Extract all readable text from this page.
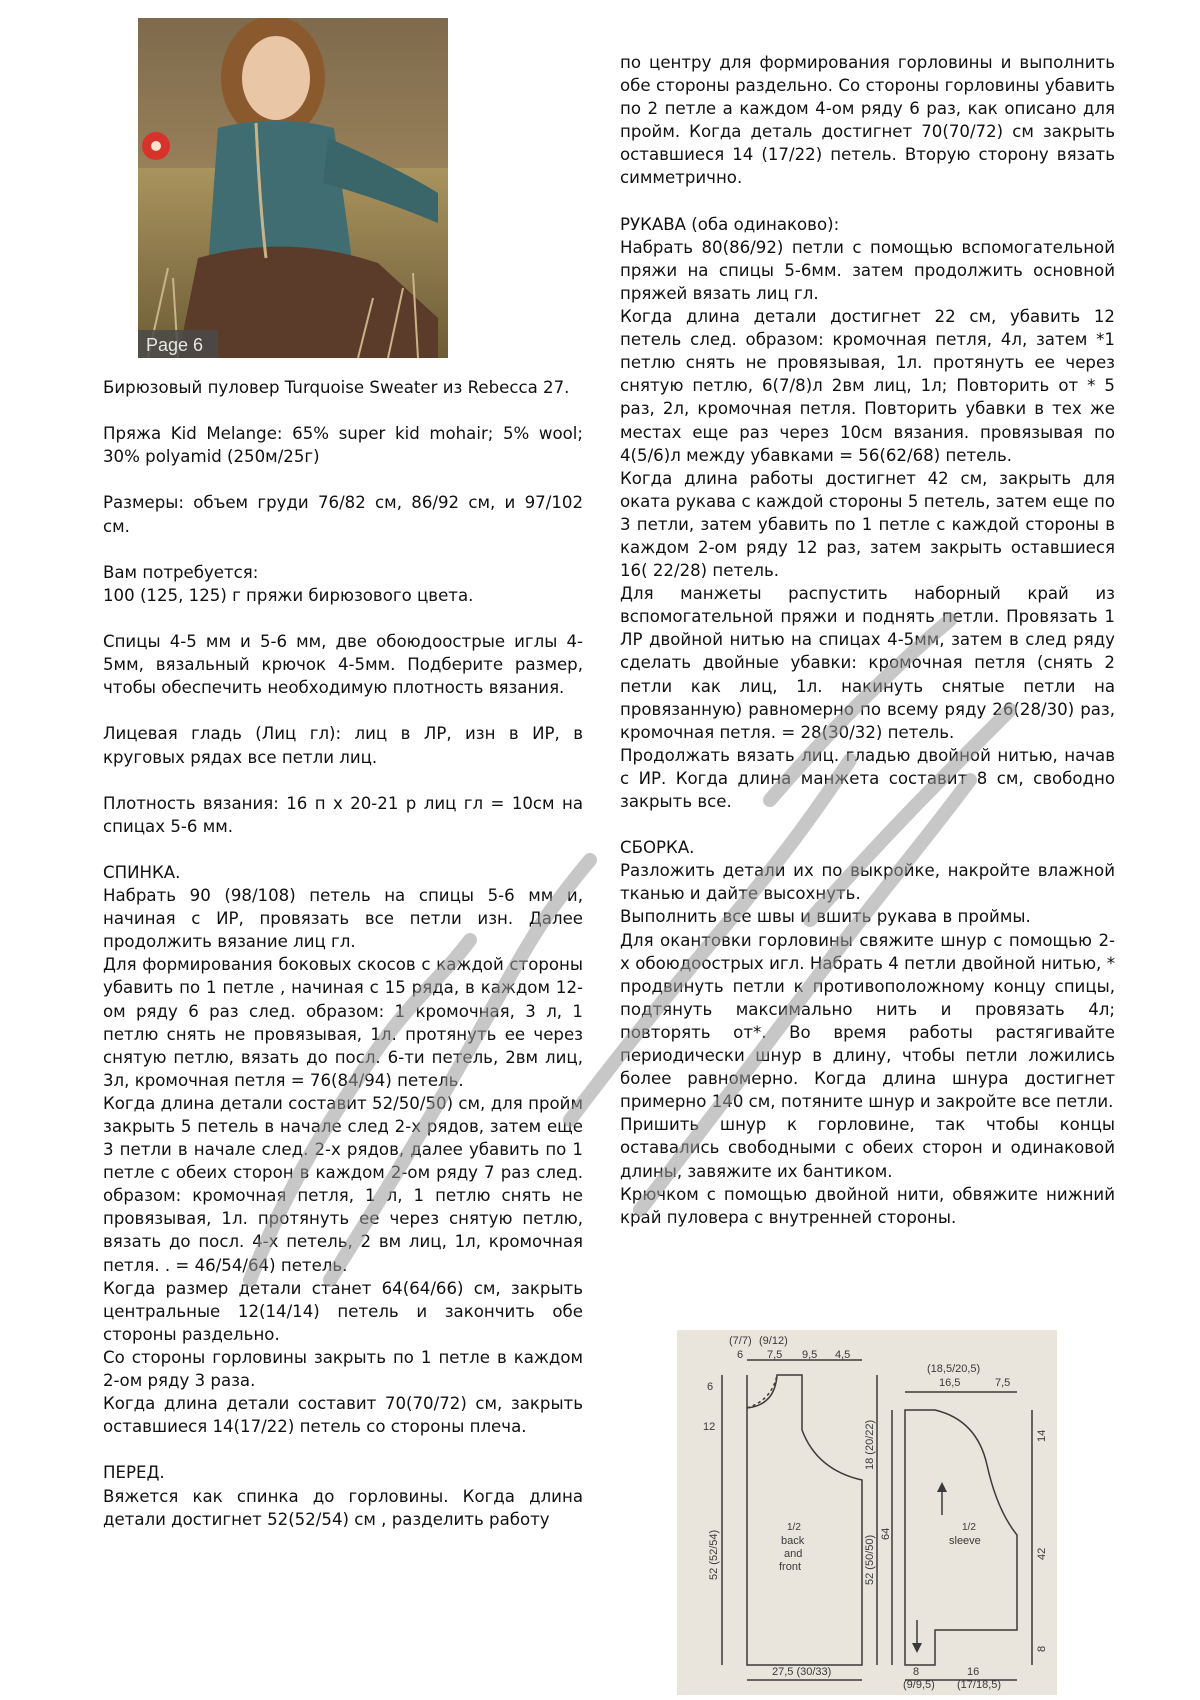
Page 6

Бирюзовый пуловер Turquoise Sweater из Rebecca 27.

Пряжа Kid Melange: 65% super kid mohair; 5% wool; 30% polyamid (250м/25г)

Размеры: объем груди 76/82 см, 86/92 см, и 97/102 см.

Вам потребуется:

100 (125, 125) г пряжи бирюзового цвета.

Спицы 4-5 мм и 5-6 мм, две обоюдоострые иглы 4-5мм, вязальный крючок 4-5мм. Подберите размер, чтобы обеспечить необходимую плотность вязания.

Лицевая гладь (Лиц гл): лиц в ЛР, изн в ИР, в круговых рядах все петли лиц.

Плотность вязания: 16 п х 20-21 р лиц гл = 10см на спицах 5-6 мм.

СПИНКА.

Набрать 90 (98/108) петель на спицы 5-6 мм и, начиная с ИР, провязать все петли изн. Далее продолжить вязание лиц гл.

Для формирования боковых скосов с каждой стороны убавить по 1 петле , начиная с 15 ряда, в каждом 12-ом ряду 6 раз след. образом: 1 кромочная, 3 л, 1 петлю снять не провязывая, 1л. протянуть ее через снятую петлю, вязать до посл. 6-ти петель, 2вм лиц, 3л, кромочная петля = 76(84/94) петель.

Когда длина детали составит 52/50/50) см, для пройм закрыть 5 петель в начале след 2-х рядов, затем еще 3 петли в начале след. 2-х рядов, далее убавить по 1 петле с обеих сторон в каждом 2-ом ряду 7 раз след. образом: кромочная петля, 1 л, 1 петлю снять не провязывая, 1л. протянуть ее через снятую петлю, вязать до посл. 4-х петель, 2 вм лиц, 1л, кромочная петля. . = 46/54/64) петель.

Когда размер детали станет 64(64/66) см, закрыть центральные 12(14/14) петель и закончить обе стороны раздельно.

Со стороны горловины закрыть по 1 петле в каждом 2-ом ряду 3 раза.

Когда длина детали составит 70(70/72) см, закрыть оставшиеся 14(17/22) петель со стороны плеча.

ПЕРЕД.

Вяжется как спинка до горловины. Когда длина детали достигнет 52(52/54) см , разделить работу

по центру для формирования горловины и выполнить обе стороны раздельно. Со стороны горловины убавить по 2 петле а каждом 4-ом ряду 6 раз, как описано для пройм. Когда деталь достигнет 70(70/72) см закрыть оставшиеся 14 (17/22) петель. Вторую сторону вязать симметрично.

РУКАВА (оба одинаково):

Набрать 80(86/92) петли с помощью вспомогательной пряжи на спицы 5-6мм. затем продолжить основной пряжей вязать лиц гл.

Когда длина детали достигнет 22 см, убавить 12 петель след. образом: кромочная петля, 4л, затем *1 петлю снять не провязывая, 1л. протянуть ее через снятую петлю, 6(7/8)л 2вм лиц, 1л; Повторить от * 5 раз, 2л, кромочная петля. Повторить убавки в тех же местах еще раз через 10см вязания. провязывая по 4(5/6)л между убавками = 56(62/68) петель.

Когда длина работы достигнет 42 см, закрыть для оката рукава с каждой стороны 5 петель, затем еще по 3 петли, затем убавить по 1 петле с каждой стороны в каждом 2-ом ряду 12 раз, затем закрыть оставшиеся 16( 22/28) петель.

Для манжеты распустить наборный край из вспомогательной пряжи и поднять петли. Провязать 1 ЛР двойной нитью на спицах 4-5мм, затем в след ряду сделать двойные убавки: кромочная петля (снять 2 петли как лиц, 1л. накинуть снятые петли на провязанную) равномерно по всему ряду 26(28/30) раз, кромочная петля. = 28(30/32) петель.

Продолжать вязать лиц. гладью двойной нитью, начав с ИР. Когда длина манжета составит 8 см, свободно закрыть все.

СБОРКА.

Разложить детали их по выкройке, накройте влажной тканью и дайте высохнуть.

Выполнить все швы и вшить рукава в проймы.

Для окантовки горловины свяжите шнур с помощью 2-х обоюдоострых игл. Набрать 4 петли двойной нитью, * продвинуть петли к противоположному концу спицы, подтянуть максимально нить и провязать 4л; повторять от*. Во время работы растягивайте периодически шнур в длину, чтобы петли ложились более равномерно. Когда длина шнура достигнет примерно 140 см, потяните шнур и закройте все петли.

Пришить шнур к горловине, так чтобы концы оставались свободными с обеих сторон и одинаковой длины, завяжите их бантиком.

Крючком с помощью двойной нити, обвяжите нижний край пуловера с внутренней стороны.

(7/7) (9/12)
6 7,5 9,5 4,5
6
12
52 (52/54)
18 (20/22)
52 (50/50)
1/2
back
and
front
27,5 (30/33)
(18,5/20,5)
16,5	7,5
64
14
42
8
1/2
sleeve
8
(9/9,5)
16
(17/18,5)
